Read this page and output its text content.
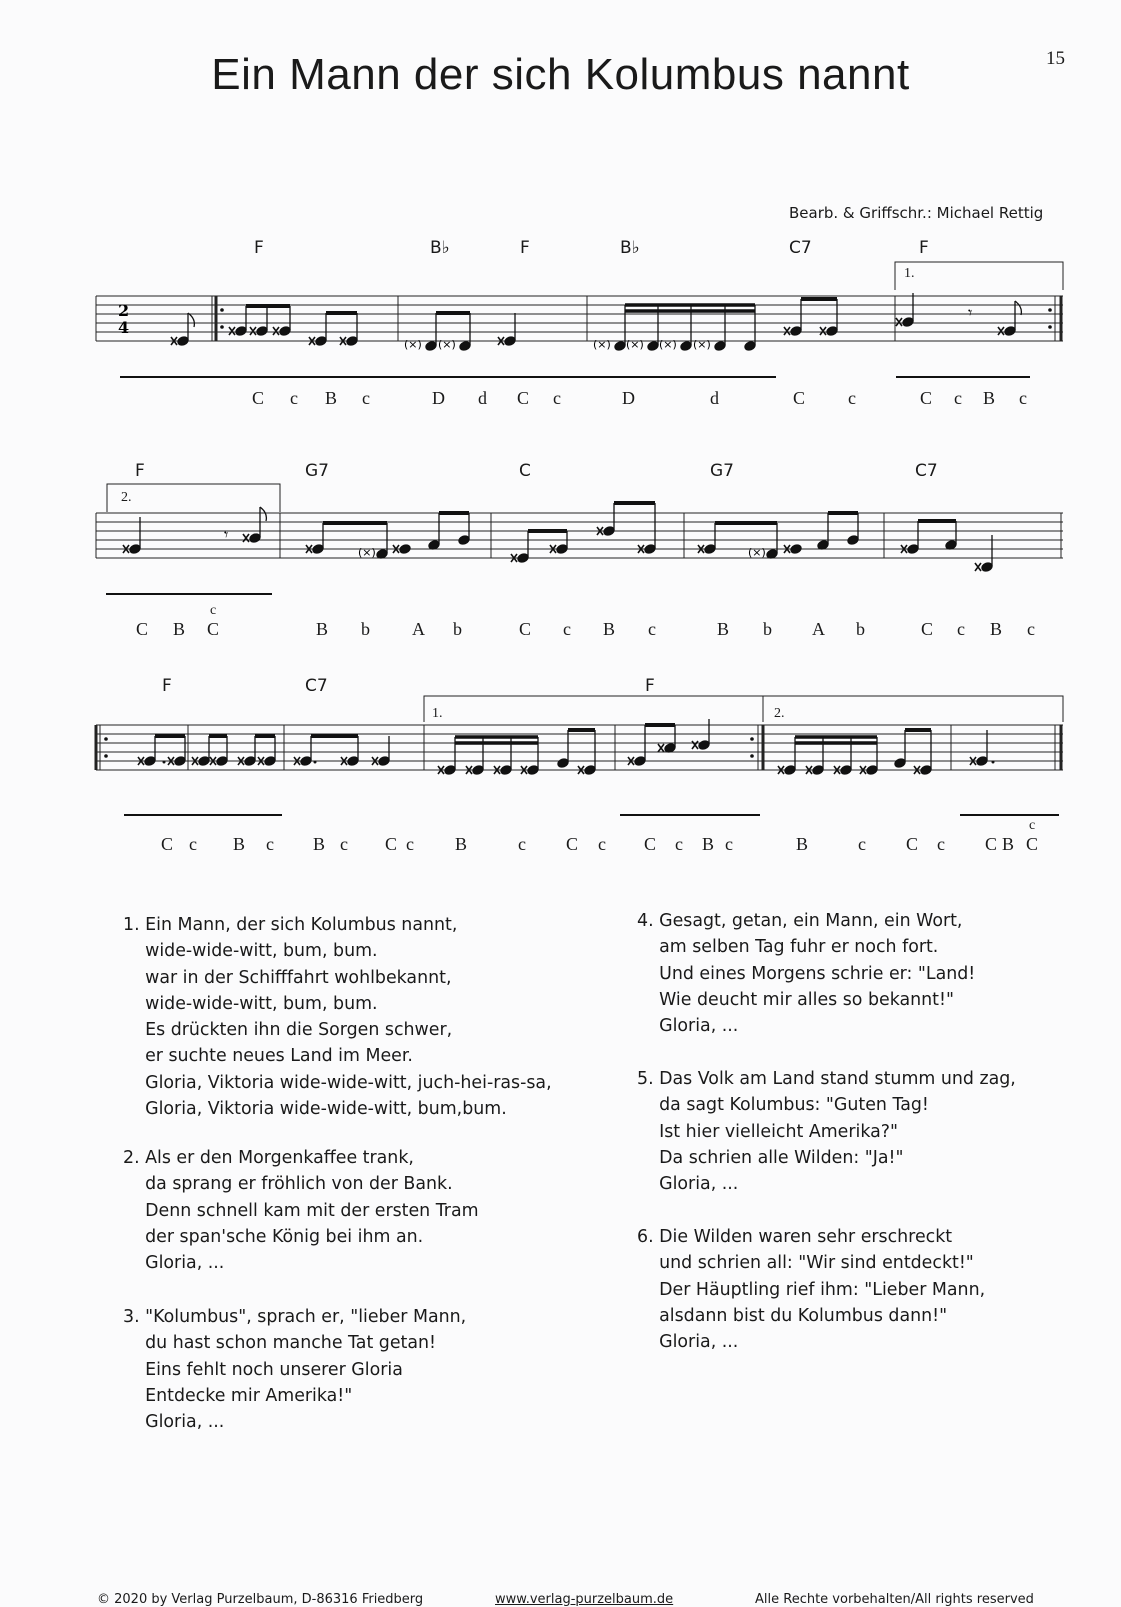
Ein Mann der sich Kolumbus nannt	15
Bearb. & Griffschr.: Michael Rettig
F	B♭	F	B♭	C7	F
1.
C c B c	D d C c	D	d	C c	C c B c
F	G7	C	G7	C7
2.
C B
c
C	B b A b	C c B c	B b A b	C c B c
F	C7	F
1.	2.
C c B c B c C c B	c C c C c B c	B	c C c C B
c
C
2
4
(×) (×)	(×) (×) (×) (×)
𝄾
(×)	(×)
𝄾
1. Ein Mann, der sich Kolumbus nannt,
wide-wide-witt, bum, bum.
war in der Schifffahrt wohlbekannt,
wide-wide-witt, bum, bum.
Es drückten ihn die Sorgen schwer,
er suchte neues Land im Meer.
Gloria, Viktoria wide-wide-witt, juch-hei-ras-sa,
Gloria, Viktoria wide-wide-witt, bum,bum.
2. Als er den Morgenkaffee trank,
da sprang er fröhlich von der Bank.
Denn schnell kam mit der ersten Tram
der span'sche König bei ihm an.
Gloria, ...
3. "Kolumbus", sprach er, "lieber Mann,
du hast schon manche Tat getan!
Eins fehlt noch unserer Gloria
Entdecke mir Amerika!"
Gloria, ...
4. Gesagt, getan, ein Mann, ein Wort,
am selben Tag fuhr er noch fort.
Und eines Morgens schrie er: "Land!
Wie deucht mir alles so bekannt!"
Gloria, ...
5. Das Volk am Land stand stumm und zag,
da sagt Kolumbus: "Guten Tag!
Ist hier vielleicht Amerika?"
Da schrien alle Wilden: "Ja!"
Gloria, ...
6. Die Wilden waren sehr erschreckt
und schrien all: "Wir sind entdeckt!"
Der Häuptling rief ihm: "Lieber Mann,
alsdann bist du Kolumbus dann!"
Gloria, ...
© 2020 by Verlag Purzelbaum, D-86316 Friedberg	www.verlag-purzelbaum.de	Alle Rechte vorbehalten/All rights reserved
